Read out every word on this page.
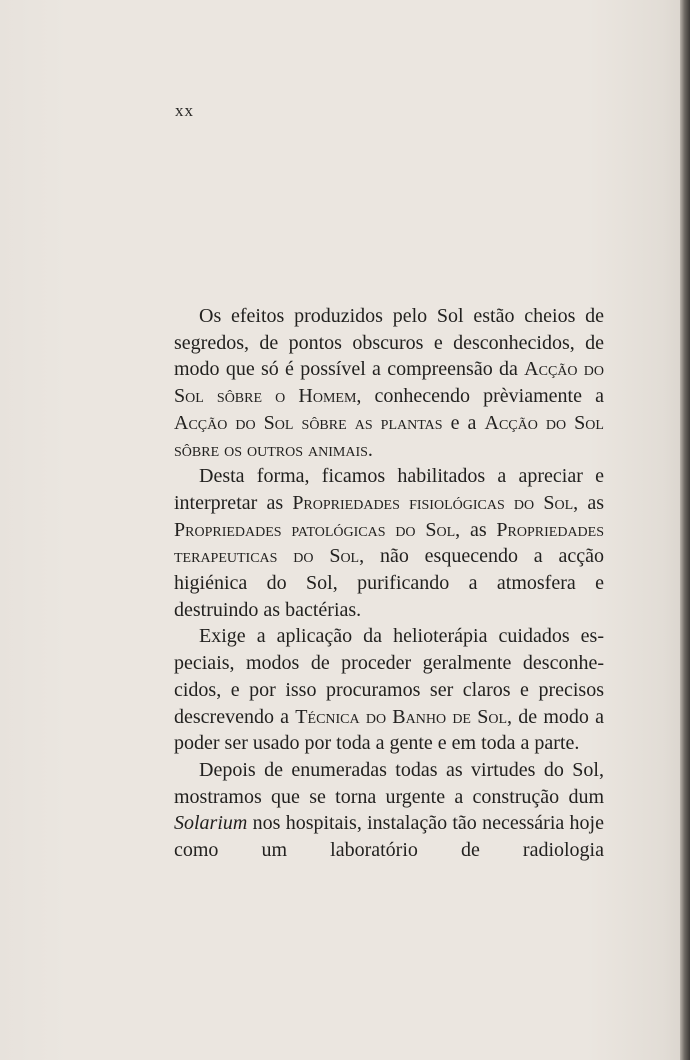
xx

Os efeitos produzidos pelo Sol estão cheios de segredos, de pontos obscuros e desconhecidos, de modo que só é possível a compreensão da Acção do Sol sôbre o Homem, conhecendo prèviamente a Acção do Sol sôbre as plantas e a Acção do Sol sôbre os outros animais.

Desta forma, ficamos habilitados a apreciar e interpretar as Propriedades fisiológicas do Sol, as Propriedades patológicas do Sol, as Propriedades terapeuticas do Sol, não esquecendo a acção higiénica do Sol, purificando a atmosfera e destruindo as bactérias.

Exige a aplicação da helioterápia cuidados especiais, modos de proceder geralmente desconhecidos, e por isso procuramos ser claros e precisos descrevendo a Técnica do Banho de Sol, de modo a poder ser usado por toda a gente e em toda a parte.

Depois de enumeradas todas as virtudes do Sol, mostramos que se torna urgente a construção dum Solarium nos hospitais, instalação tão necessária hoje como um laboratório de radiologia
